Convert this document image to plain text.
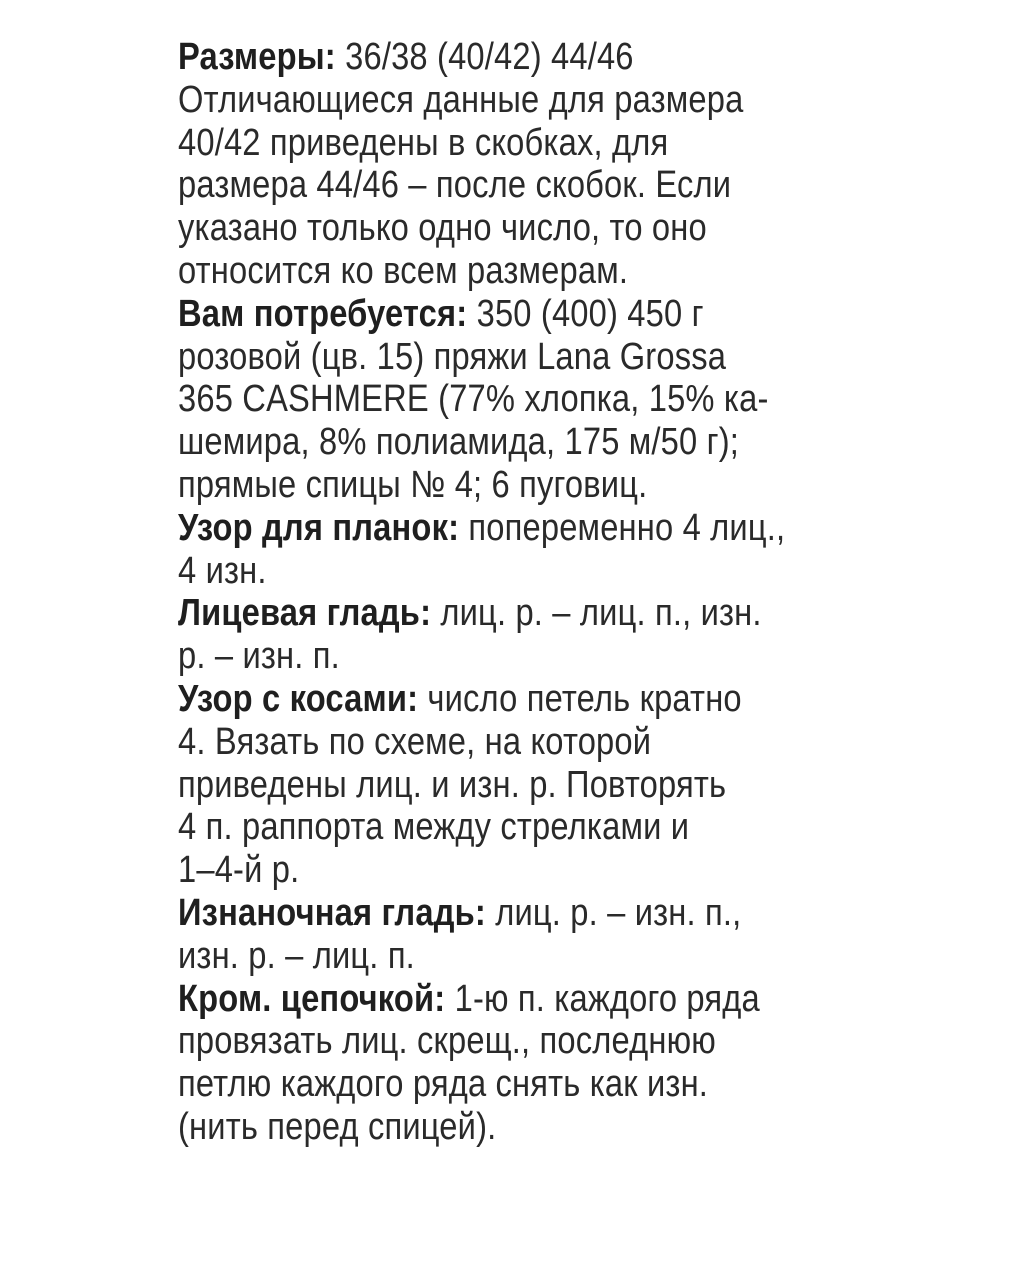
Размеры: 36/38 (40/42) 44/46
Отличающиеся данные для размера
40/42 приведены в скобках, для
размера 44/46 – после скобок. Если
указано только одно число, то оно
относится ко всем размерам.
Вам потребуется: 350 (400) 450 г
розовой (цв. 15) пряжи Lana Grossa
365 CASHMERE (77% хлопка, 15% ка-
шемира, 8% полиамида, 175 м/50 г);
прямые спицы № 4; 6 пуговиц.
Узор для планок: попеременно 4 лиц.,
4 изн.
Лицевая гладь: лиц. р. – лиц. п., изн.
р. – изн. п.
Узор с косами: число петель кратно
4. Вязать по схеме, на которой
приведены лиц. и изн. р. Повторять
4 п. раппорта между стрелками и
1–4-й р.
Изнаночная гладь: лиц. р. – изн. п.,
изн. р. – лиц. п.
Кром. цепочкой: 1-ю п. каждого ряда
провязать лиц. скрещ., последнюю
петлю каждого ряда снять как изн.
(нить перед спицей).
